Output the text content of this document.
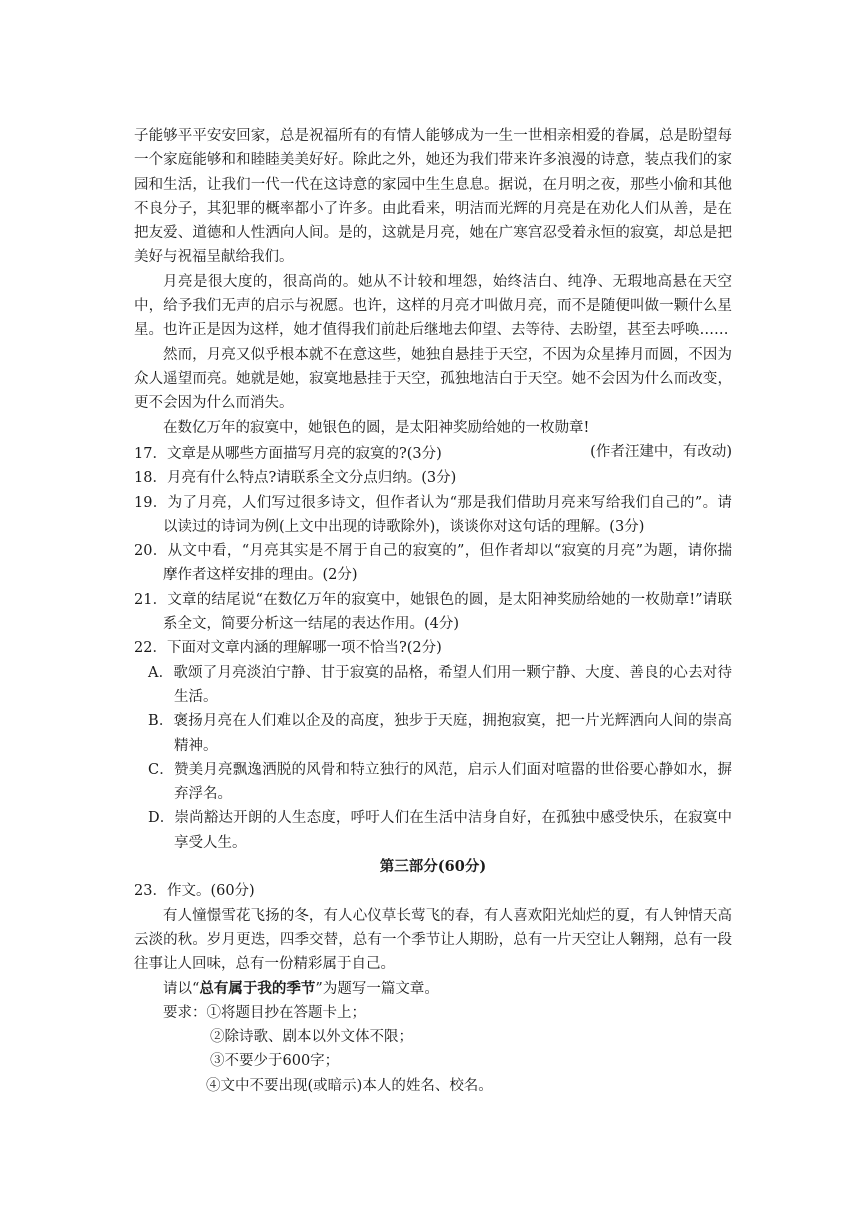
子能够平平安安回家，总是祝福所有的有情人能够成为一生一世相亲相爱的眷属，总是盼望每一个家庭能够和和睦睦美美好好。除此之外，她还为我们带来许多浪漫的诗意，装点我们的家园和生活，让我们一代一代在这诗意的家园中生生息息。据说，在月明之夜，那些小偷和其他不良分子，其犯罪的概率都小了许多。由此看来，明洁而光辉的月亮是在劝化人们从善，是在把友爱、道德和人性洒向人间。是的，这就是月亮，她在广寒宫忍受着永恒的寂寞，却总是把美好与祝福呈献给我们。

月亮是很大度的，很高尚的。她从不计较和埋怨，始终洁白、纯净、无瑕地高悬在天空中，给予我们无声的启示与祝愿。也许，这样的月亮才叫做月亮，而不是随便叫做一颗什么星星。也许正是因为这样，她才值得我们前赴后继地去仰望、去等待、去盼望，甚至去呼唤……

然而，月亮又似乎根本就不在意这些，她独自悬挂于天空，不因为众星捧月而圆，不因为众人遥望而亮。她就是她，寂寞地悬挂于天空，孤独地洁白于天空。她不会因为什么而改变，更不会因为什么而消失。

在数亿万年的寂寞中，她银色的圆，是太阳神奖励给她的一枚勋章!

(作者汪建中，有改动)

17．文章是从哪些方面描写月亮的寂寞的?(3分)

18．月亮有什么特点?请联系全文分点归纳。(3分)

19．为了月亮，人们写过很多诗文，但作者认为“那是我们借助月亮来写给我们自己的”。请以读过的诗词为例(上文中出现的诗歌除外)，谈谈你对这句话的理解。(3分)

20．从文中看，“月亮其实是不屑于自己的寂寞的”，但作者却以“寂寞的月亮”为题，请你揣摩作者这样安排的理由。(2分)

21．文章的结尾说“在数亿万年的寂寞中，她银色的圆，是太阳神奖励给她的一枚勋章!”请联系全文，简要分析这一结尾的表达作用。(4分)

22．下面对文章内涵的理解哪一项不恰当?(2分)

A．歌颂了月亮淡泊宁静、甘于寂寞的品格，希望人们用一颗宁静、大度、善良的心去对待生活。

B．褒扬月亮在人们难以企及的高度，独步于天庭，拥抱寂寞，把一片光辉洒向人间的崇高精神。

C．赞美月亮飘逸洒脱的风骨和特立独行的风范，启示人们面对喧嚣的世俗要心静如水，摒弃浮名。

D．崇尚豁达开朗的人生态度，呼吁人们在生活中洁身自好，在孤独中感受快乐，在寂寞中享受人生。

第三部分(60分)

23．作文。(60分)

有人憧憬雪花飞扬的冬，有人心仪草长莺飞的春，有人喜欢阳光灿烂的夏，有人钟情天高云淡的秋。岁月更迭，四季交替，总有一个季节让人期盼，总有一片天空让人翱翔，总有一段往事让人回味，总有一份精彩属于自己。

请以“总有属于我的季节”为题写一篇文章。

要求：①将题目抄在答题卡上；

②除诗歌、剧本以外文体不限；

③不要少于600字；

④文中不要出现(或暗示)本人的姓名、校名。
